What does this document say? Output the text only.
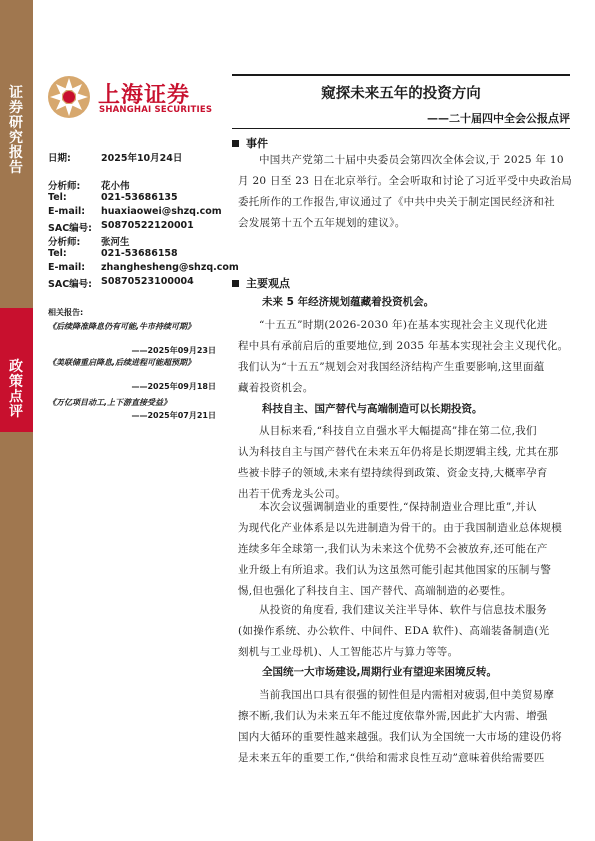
证券研究报告
政策点评
上海证券
SHANGHAI SECURITIES
窥探未来五年的投资方向
——二十届四中全会公报点评
日期:	2025年10月24日
分析师: 花小伟
Tel:	021-53686135
E-mail: huaxiaowei@shzq.com
SAC编号: S0870522120001
分析师: 张河生
Tel:	021-53686158
E-mail: zhanghesheng@shzq.com
SAC编号: S0870523100004
相关报告:
《后续降准降息仍有可能,牛市持续可期》
——2025年09月23日
《美联储重启降息,后续进程可能超预期》
——2025年09月18日
《万亿项目动工,上下游直接受益》
——2025年07月21日
事件
中国共产党第二十届中央委员会第四次全体会议,于 2025 年 10
月 20 日至 23 日在北京举行。全会听取和讨论了习近平受中央政治局
委托所作的工作报告,审议通过了《中共中央关于制定国民经济和社
会发展第十五个五年规划的建议》。
主要观点
未来 5 年经济规划蕴藏着投资机会。
“十五五”时期(2026-2030 年)在基本实现社会主义现代化进
程中具有承前启后的重要地位,到 2035 年基本实现社会主义现代化。
我们认为“十五五”规划会对我国经济结构产生重要影响,这里面蕴
藏着投资机会。
科技自主、国产替代与高端制造可以长期投资。
从目标来看,“科技自立自强水平大幅提高”排在第二位,我们
认为科技自主与国产替代在未来五年仍将是长期逻辑主线, 尤其在那
些被卡脖子的领域,未来有望持续得到政策、资金支持,大概率孕育
出若干优秀龙头公司。
本次会议强调制造业的重要性,“保持制造业合理比重”,并认
为现代化产业体系是以先进制造为骨干的。由于我国制造业总体规模
连续多年全球第一,我们认为未来这个优势不会被放弃,还可能在产
业升级上有所追求。我们认为这虽然可能引起其他国家的压制与警
惕,但也强化了科技自主、国产替代、高端制造的必要性。
从投资的角度看, 我们建议关注半导体、软件与信息技术服务
(如操作系统、办公软件、中间件、EDA 软件)、高端装备制造(光
刻机与工业母机)、人工智能芯片与算力等等。
全国统一大市场建设,周期行业有望迎来困境反转。
当前我国出口具有很强的韧性但是内需相对疲弱,但中美贸易摩
擦不断,我们认为未来五年不能过度依靠外需,因此扩大内需、增强
国内大循环的重要性越来越强。我们认为全国统一大市场的建设仍将
是未来五年的重要工作,“供给和需求良性互动”意味着供给需要匹
